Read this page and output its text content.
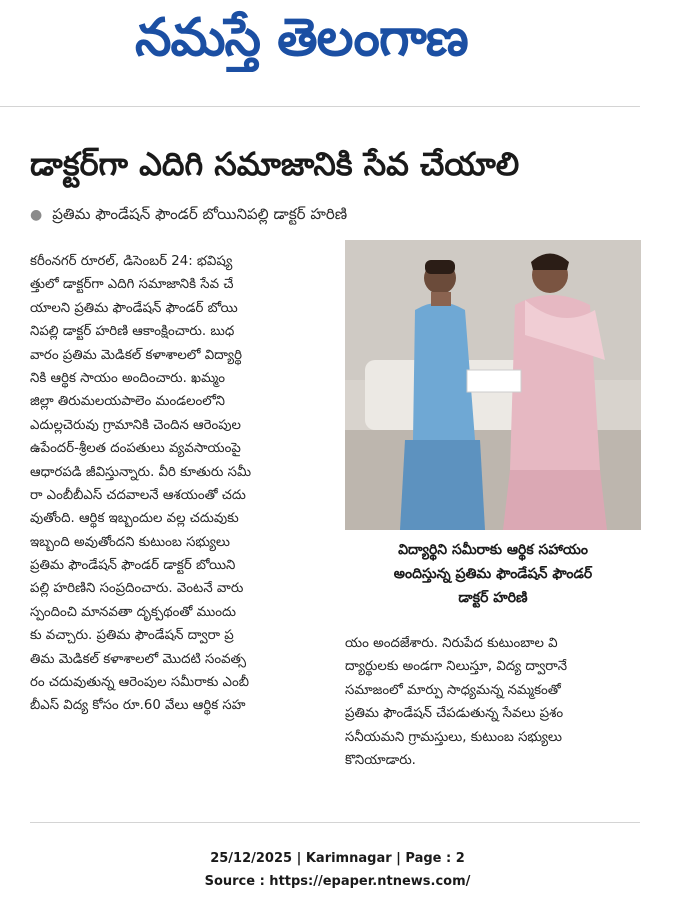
నమస్తే తెలంగాణ
డాక్టర్‌గా ఎదిగి సమాజానికి సేవ చేయాలి
● ప్రతిమ ఫౌండేషన్ ఫౌండర్ బోయినిపల్లి డాక్టర్ హరిణి
కరీంనగర్ రూరల్, డిసెంబర్ 24: భవిష్య
త్తులో డాక్టర్‌గా ఎదిగి సమాజానికి సేవ చే
యాలని ప్రతిమ ఫౌండేషన్ ఫౌండర్ బోయి
నిపల్లి డాక్టర్ హరిణి ఆకాంక్షించారు. బుధ
వారం ప్రతిమ మెడికల్ కళాశాలలో విద్యార్థి
నికి ఆర్థిక సాయం అందించారు. ఖమ్మం
జిల్లా తిరుమలయపాలెం మండలంలోని
ఎదుల్లచెరువు గ్రామానికి చెందిన ఆరెంపుల
ఉపేందర్-శ్రీలత దంపతులు వ్యవసాయంపై
ఆధారపడి జీవిస్తున్నారు. వీరి కూతురు సమీ
రా ఎంబీబీఎస్ చదవాలనే ఆశయంతో చదు
వుతోంది. ఆర్థిక ఇబ్బందుల వల్ల చదువుకు
ఇబ్బంది అవుతోందని కుటుంబ సభ్యులు
ప్రతిమ ఫౌండేషన్ ఫౌండర్ డాక్టర్ బోయిని
పల్లి హరిణిని సంప్రదించారు. వెంటనే వారు
స్పందించి మానవతా దృక్పథంతో ముందు
కు వచ్చారు. ప్రతిమ ఫౌండేషన్ ద్వారా ప్ర
తిమ మెడికల్ కళాశాలలో మొదటి సంవత్స
రం చదువుతున్న ఆరెంపుల సమీరాకు ఎంబీ
బీఎస్ విద్య కోసం రూ.60 వేలు ఆర్థిక సహ
విద్యార్థిని సమీరాకు ఆర్థిక సహాయం
అందిస్తున్న ప్రతిమ ఫౌండేషన్ ఫౌండర్
డాక్టర్ హరిణి
యం అందజేశారు. నిరుపేద కుటుంబాల వి
ద్యార్థులకు అండగా నిలుస్తూ, విద్య ద్వారానే
సమాజంలో మార్పు సాధ్యమన్న నమ్మకంతో
ప్రతిమ ఫౌండేషన్ చేపడుతున్న సేవలు ప్రశం
సనీయమని గ్రామస్తులు, కుటుంబ సభ్యులు
కొనియాడారు.
25/12/2025 | Karimnagar | Page : 2
Source : https://epaper.ntnews.com/
